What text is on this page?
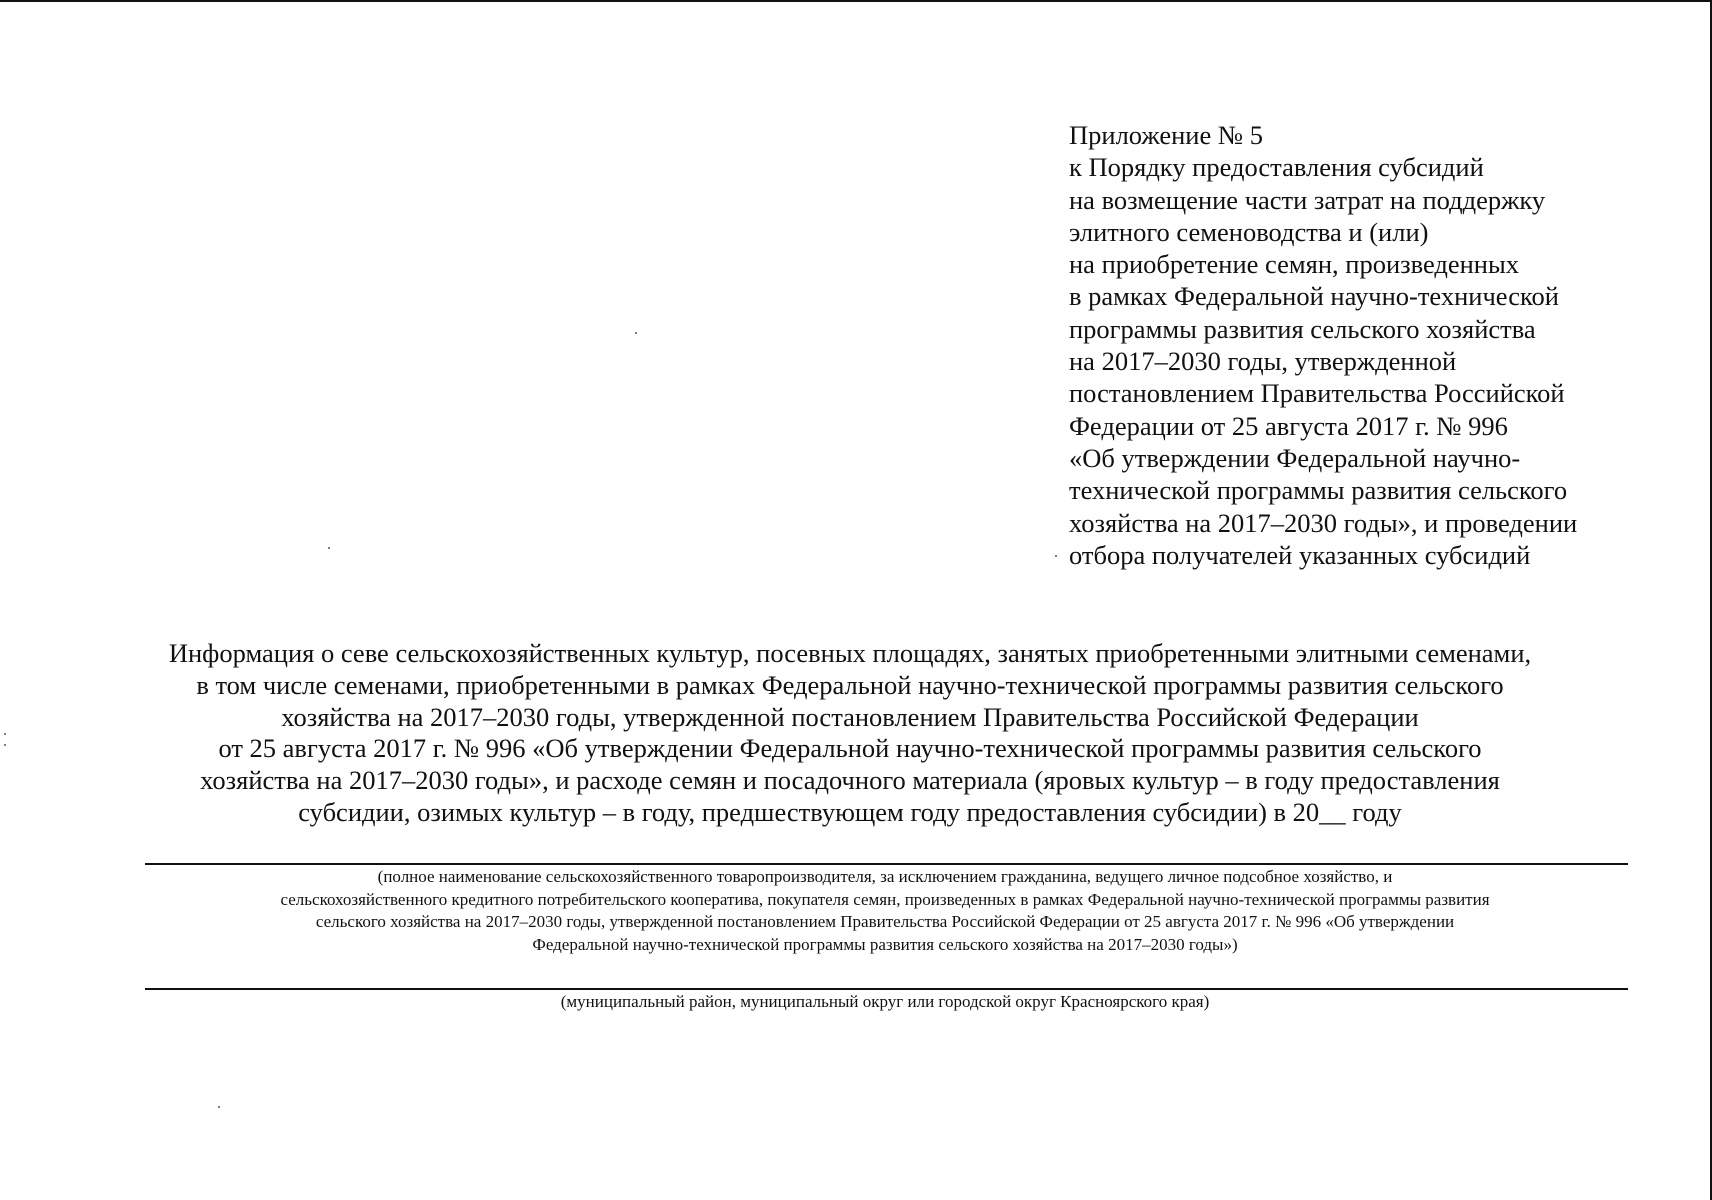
Приложение № 5
к Порядку предоставления субсидий
на возмещение части затрат на поддержку
элитного семеноводства и (или)
на приобретение семян, произведенных
в рамках Федеральной научно-технической
программы развития сельского хозяйства
на 2017–2030 годы, утвержденной
постановлением Правительства Российской
Федерации от 25 августа 2017 г. № 996
«Об утверждении Федеральной научно-
технической программы развития сельского
хозяйства на 2017–2030 годы», и проведении
отбора получателей указанных субсидий
Информация о севе сельскохозяйственных культур, посевных площадях, занятых приобретенными элитными семенами,
в том числе семенами, приобретенными в рамках Федеральной научно-технической программы развития сельского
хозяйства на 2017–2030 годы, утвержденной постановлением Правительства Российской Федерации
от 25 августа 2017 г. № 996 «Об утверждении Федеральной научно-технической программы развития сельского
хозяйства на 2017–2030 годы», и расходе семян и посадочного материала (яровых культур – в году предоставления
субсидии, озимых культур – в году, предшествующем году предоставления субсидии) в 20__ году
(полное наименование сельскохозяйственного товаропроизводителя, за исключением гражданина, ведущего личное подсобное хозяйство, и
сельскохозяйственного кредитного потребительского кооператива, покупателя семян, произведенных в рамках Федеральной научно-технической программы развития
сельского хозяйства на 2017–2030 годы, утвержденной постановлением Правительства Российской Федерации от 25 августа 2017 г. № 996 «Об утверждении
Федеральной научно-технической программы развития сельского хозяйства на 2017–2030 годы»)
(муниципальный район, муниципальный округ или городской округ Красноярского края)
